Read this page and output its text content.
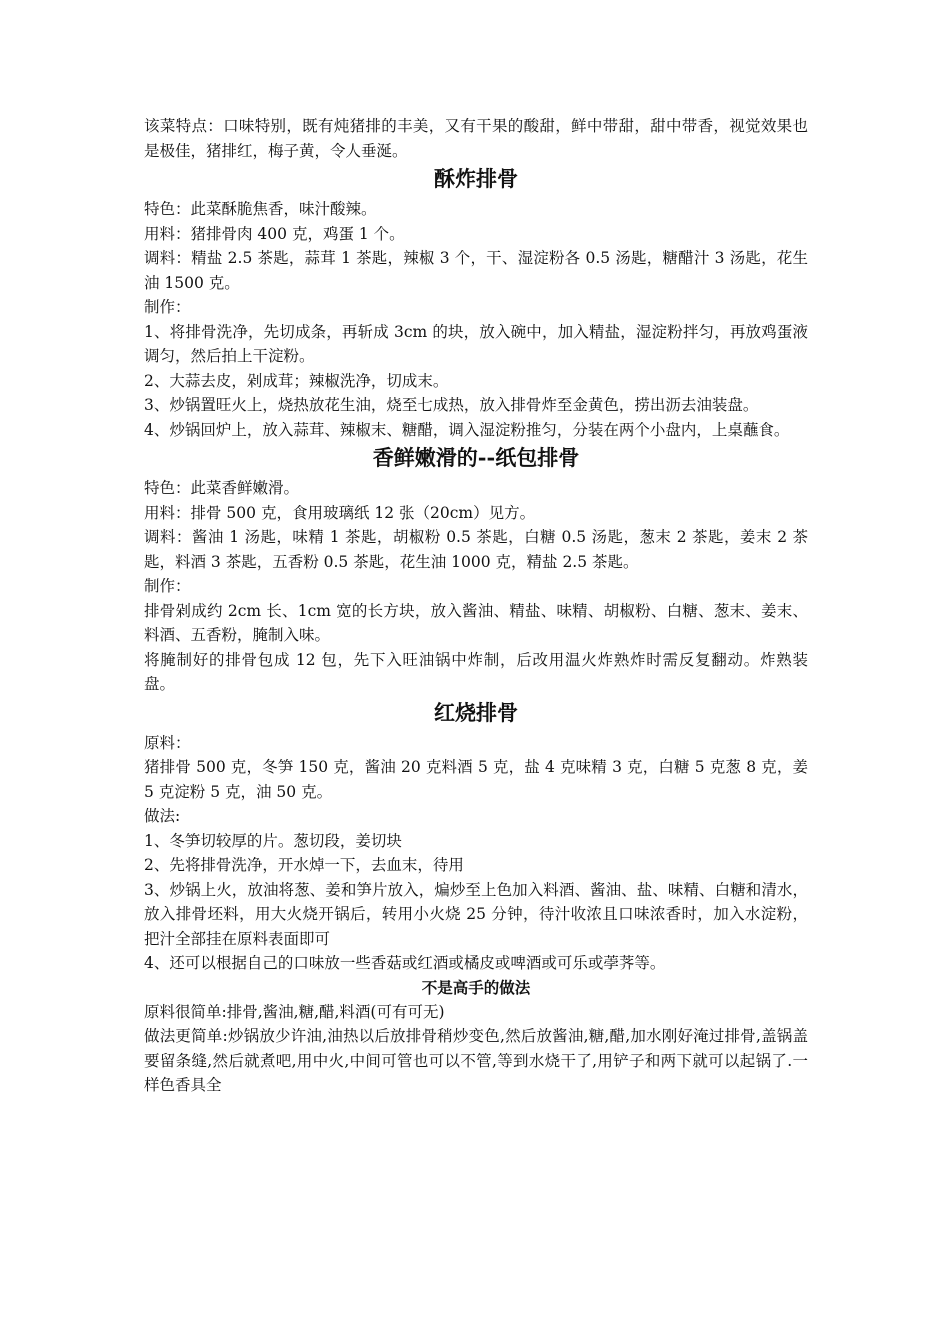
该菜特点：口味特别，既有炖猪排的丰美，又有干果的酸甜，鲜中带甜，甜中带香，视觉效果也是极佳，猪排红，梅子黄，令人垂涎。

酥炸排骨

特色：此菜酥脆焦香，味汁酸辣。

用料：猪排骨肉 400 克，鸡蛋 1 个。

调料：精盐 2.5 茶匙，蒜茸 1 茶匙，辣椒 3 个，干、湿淀粉各 0.5 汤匙，糖醋汁 3 汤匙，花生油 1500 克。

制作：

1、将排骨洗净，先切成条，再斩成 3cm 的块，放入碗中，加入精盐，湿淀粉拌匀，再放鸡蛋液调匀，然后拍上干淀粉。

2、大蒜去皮，剁成茸；辣椒洗净，切成末。

3、炒锅置旺火上，烧热放花生油，烧至七成热，放入排骨炸至金黄色，捞出沥去油装盘。

4、炒锅回炉上，放入蒜茸、辣椒末、糖醋，调入湿淀粉推匀，分装在两个小盘内，上桌蘸食。

香鲜嫩滑的--纸包排骨

特色：此菜香鲜嫩滑。

用料：排骨 500 克，食用玻璃纸 12 张（20cm）见方。

调料：酱油 1 汤匙，味精 1 茶匙，胡椒粉 0.5 茶匙，白糖 0.5 汤匙，葱末 2 茶匙，姜末 2 茶匙，料酒 3 茶匙，五香粉 0.5 茶匙，花生油 1000 克，精盐 2.5 茶匙。

制作：

排骨剁成约 2cm 长、1cm 宽的长方块，放入酱油、精盐、味精、胡椒粉、白糖、葱末、姜末、料酒、五香粉，腌制入味。

将腌制好的排骨包成 12 包，先下入旺油锅中炸制，后改用温火炸熟炸时需反复翻动。炸熟装盘。

红烧排骨

原料：

猪排骨 500 克，冬笋 150 克，酱油 20 克料酒 5 克，盐 4 克味精 3 克，白糖 5 克葱 8 克，姜 5 克淀粉 5 克，油 50 克。

做法:

1、冬笋切较厚的片。葱切段，姜切块

2、先将排骨洗净，开水焯一下，去血末，待用

3、炒锅上火，放油将葱、姜和笋片放入，煸炒至上色加入料酒、酱油、盐、味精、白糖和清水，放入排骨坯料，用大火烧开锅后，转用小火烧 25 分钟，待汁收浓且口味浓香时，加入水淀粉，把汁全部挂在原料表面即可

4、还可以根据自己的口味放一些香菇或红酒或橘皮或啤酒或可乐或荸荠等。

不是高手的做法

原料很简单:排骨,酱油,糖,醋,料酒(可有可无)

做法更简单:炒锅放少许油,油热以后放排骨稍炒变色,然后放酱油,糖,醋,加水刚好淹过排骨,盖锅盖要留条缝,然后就煮吧,用中火,中间可管也可以不管,等到水烧干了,用铲子和两下就可以起锅了.一样色香具全
